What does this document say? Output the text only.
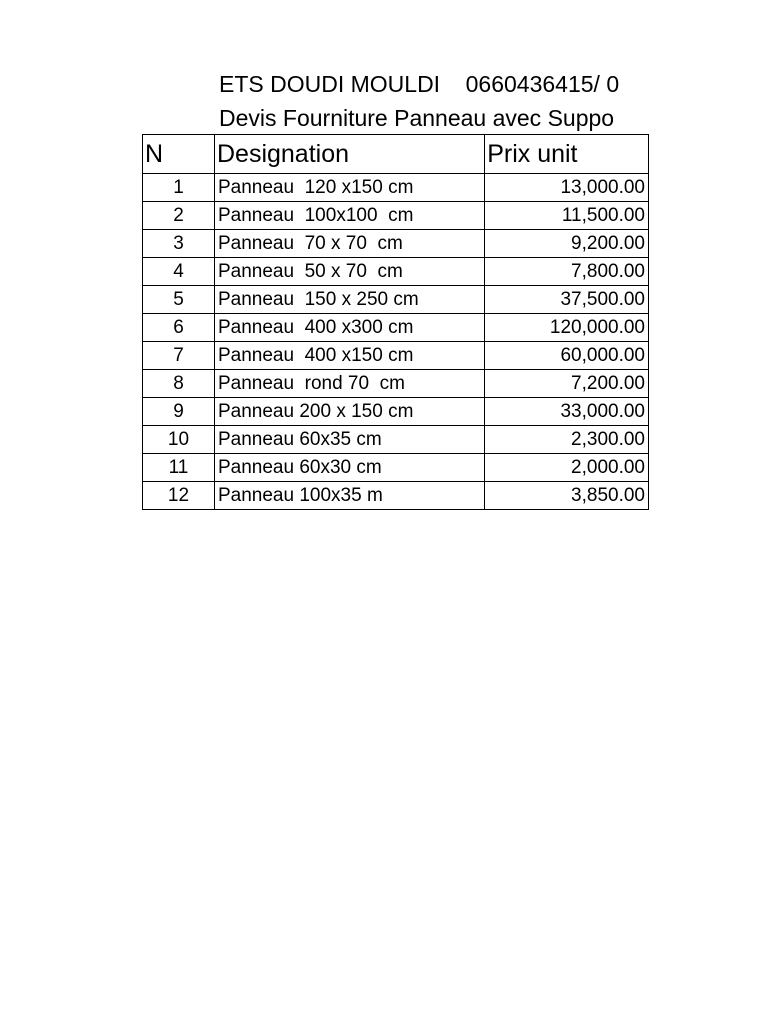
ETS DOUDI MOULDI    0660436415/ 0
Devis Fourniture Panneau avec Suppo
N	Designation	Prix unit
1	Panneau  120 x150 cm	13,000.00
2	Panneau  100x100  cm	11,500.00
3	Panneau  70 x 70  cm	9,200.00
4	Panneau  50 x 70  cm	7,800.00
5	Panneau  150 x 250 cm	37,500.00
6	Panneau  400 x300 cm	120,000.00
7	Panneau  400 x150 cm	60,000.00
8	Panneau  rond 70  cm	7,200.00
9	Panneau 200 x 150 cm	33,000.00
10	Panneau 60x35 cm	2,300.00
11	Panneau 60x30 cm	2,000.00
12	Panneau 100x35 m	3,850.00
